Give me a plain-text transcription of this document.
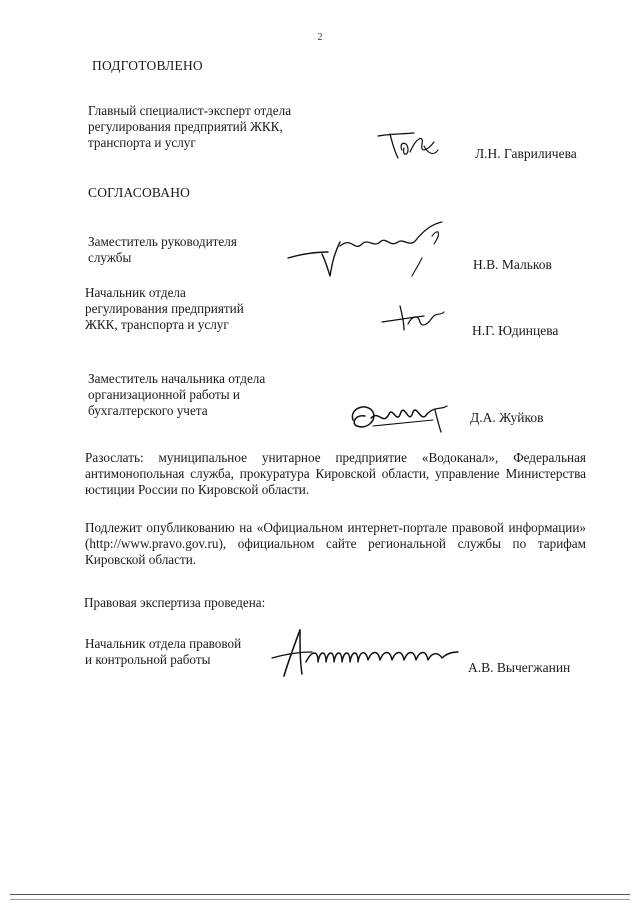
2
ПОДГОТОВЛЕНО
Главный специалист-эксперт отдела
регулирования предприятий ЖКК,
транспорта и услуг
Л.Н. Гавриличева
СОГЛАСОВАНО
Заместитель руководителя
службы	Н.В. Мальков
Начальник отдела
регулирования предприятий
ЖКК, транспорта и услуг	Н.Г. Юдинцева
Заместитель начальника отдела
организационной работы и
бухгалтерского учета	Д.А. Жуйков
Разослать: муниципальное унитарное предприятие «Водоканал», Федеральная антимонопольная служба, прокуратура Кировской области, управление Министерства юстиции России по Кировской области.
Подлежит опубликованию на «Официальном интернет-портале правовой информации» (http://www.pravo.gov.ru), официальном сайте региональной службы по тарифам Кировской области.
Правовая экспертиза проведена:
Начальник отдела правовой
и контрольной работы
А.В. Вычегжанин
